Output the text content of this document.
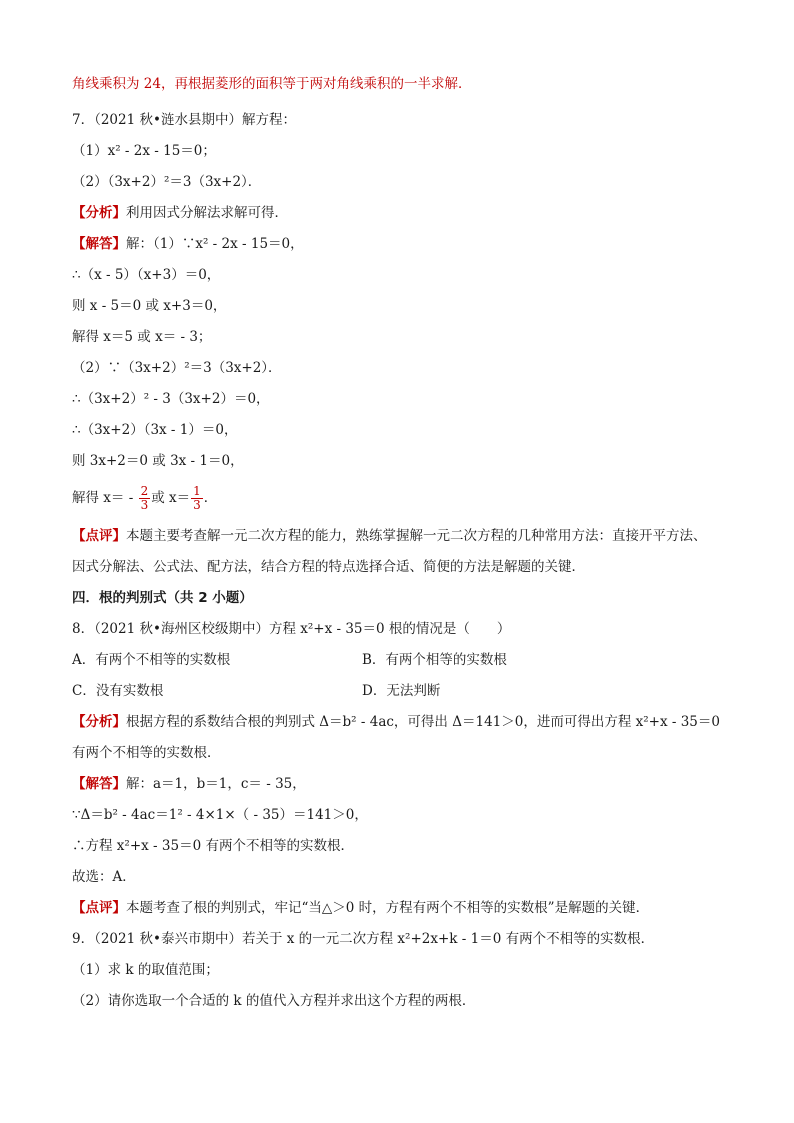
角线乘积为 24，再根据菱形的面积等于两对角线乘积的一半求解．
7．（2021 秋•涟水县期中）解方程：
（1）x² - 2x - 15＝0；
（2）（3x+2）²＝3（3x+2）．
【分析】利用因式分解法求解可得．
【解答】解：（1）∵x² - 2x - 15＝0，
∴（x - 5）（x+3）＝0，
则 x - 5＝0 或 x+3＝0，
解得 x＝5 或 x＝ - 3；
（2）∵（3x+2）²＝3（3x+2）．
∴（3x+2）² - 3（3x+2）＝0，
∴（3x+2）（3x - 1）＝0，
则 3x+2＝0 或 3x - 1＝0，
解得 $x= - \frac{2}{3}$ 或 $x= \frac{1}{3}$ ．
【点评】本题主要考查解一元二次方程的能力，熟练掌握解一元二次方程的几种常用方法：直接开平方法、
因式分解法、公式法、配方法，结合方程的特点选择合适、简便的方法是解题的关键．
四．根的判别式（共 2 小题）
8．（2021 秋•海州区校级期中）方程 x²+x - 35＝0 根的情况是（　　）
A．有两个不相等的实数根	B．有两个相等的实数根
C．没有实数根	D．无法判断
【分析】根据方程的系数结合根的判别式 Δ＝b² - 4ac，可得出 Δ＝141＞0，进而可得出方程 x²+x - 35＝0
有两个不相等的实数根．
【解答】解：a＝1，b＝1，c＝ - 35，
∵Δ＝b² - 4ac＝1² - 4×1×（ - 35）＝141＞0，
∴方程 x²+x - 35＝0 有两个不相等的实数根．
故选：A．
【点评】本题考查了根的判别式，牢记“当△＞0 时，方程有两个不相等的实数根”是解题的关键．
9．（2021 秋•泰兴市期中）若关于 x 的一元二次方程 x²+2x+k - 1＝0 有两个不相等的实数根．
（1）求 k 的取值范围；
（2）请你选取一个合适的 k 的值代入方程并求出这个方程的两根．
